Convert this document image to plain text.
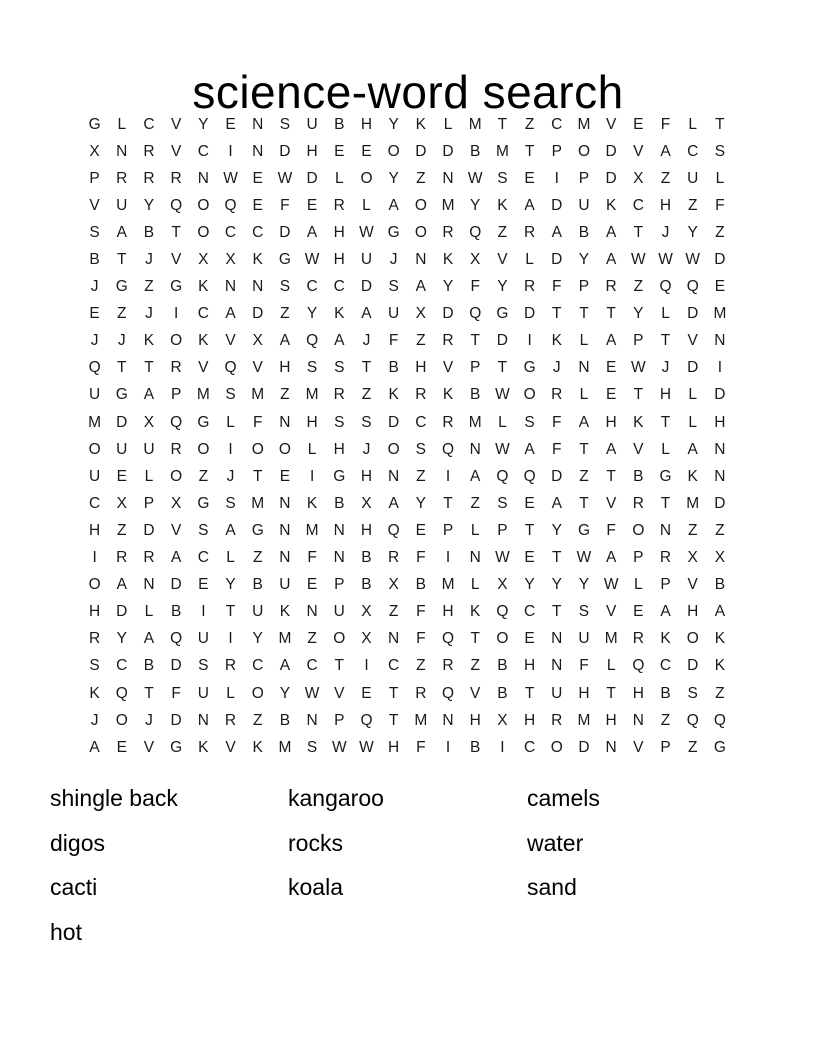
science-word search
G	L	C	V	Y	E	N	S	U	B	H	Y	K	L	M	T	Z	C M	V	E	F	L	T
X	N	R	V	C	I	N	D	H	E	E	O	D	D	B	M	T	P	O	D	V	A	C	S
P	R	R	R	N W E W D	L	O	Y	Z	N W S	E	I	P	D	X	Z	U	L
V	U	Y	Q O Q	E	F	E	R	L	A	O M	Y	K	A	D	U	K	C	H	Z	F
S	A	B	T	O	C	C	D	A	H W G O	R	Q	Z	R	A	B	A	T	J	Y	Z
B	T	J	V	X	X	K	G W H	U	J	N	K	X	V	L	D	Y	A W W W D
J	G	Z	G	K	N	N	S	C	C	D	S	A	Y	F	Y	R	F	P	R	Z	Q Q	E
E	Z	J	I	C	A	D	Z	Y	K	A	U	X	D	Q G	D	T	T	T	Y	L	D M
J	J	K	O	K	V	X	A	Q	A	J	F	Z	R	T	D	I	K	L	A	P	T	V	N
Q	T	T	R	V	Q	V	H	S	S	T	B	H	V	P	T	G	J	N	E W	J	D	I
U	G	A	P	M	S	M	Z	M R	Z	K	R	K	B W O	R	L	E	T	H	L	D
M D	X	Q G	L	F	N	H	S	S	D	C	R M	L	S	F	A	H	K	T	L	H
O	U	U	R	O	I	O O	L	H	J	O	S	Q	N W A	F	T	A	V	L	A	N
U	E	L	O	Z	J	T	E	I	G	H	N	Z	I	A	Q Q	D	Z	T	B	G	K	N
C	X	P	X	G	S	M N	K	B	X	A	Y	T	Z	S	E	A	T	V	R	T	M D
H	Z	D	V	S	A	G	N M N	H	Q	E	P	L	P	T	Y	G	F	O	N	Z	Z
I	R	R	A	C	L	Z	N	F	N	B	R	F	I	N W E	T W A	P	R	X	X
O	A	N	D	E	Y	B	U	E	P	B	X	B	M	L	X	Y	Y	Y W	L	P	V	B
H	D	L	B	I	T	U	K	N	U	X	Z	F	H	K	Q	C	T	S	V	E	A	H	A
R	Y	A	Q	U	I	Y	M	Z	O	X	N	F	Q	T	O	E	N	U M R	K	O	K
S	C	B	D	S	R	C	A	C	T	I	C	Z	R	Z	B	H	N	F	L	Q	C	D	K
K	Q	T	F	U	L	O	Y W V	E	T	R	Q	V	B	T	U	H	T	H	B	S	Z
J	O	J	D	N	R	Z	B	N	P	Q	T	M N	H	X	H	R M H	N	Z	Q Q
A	E	V	G	K	V	K	M	S W W H	F	I	B	I	C	O	D	N	V	P	Z	G
shingle back
digos
cacti
hot
kangaroo
rocks
koala
camels
water
sand
